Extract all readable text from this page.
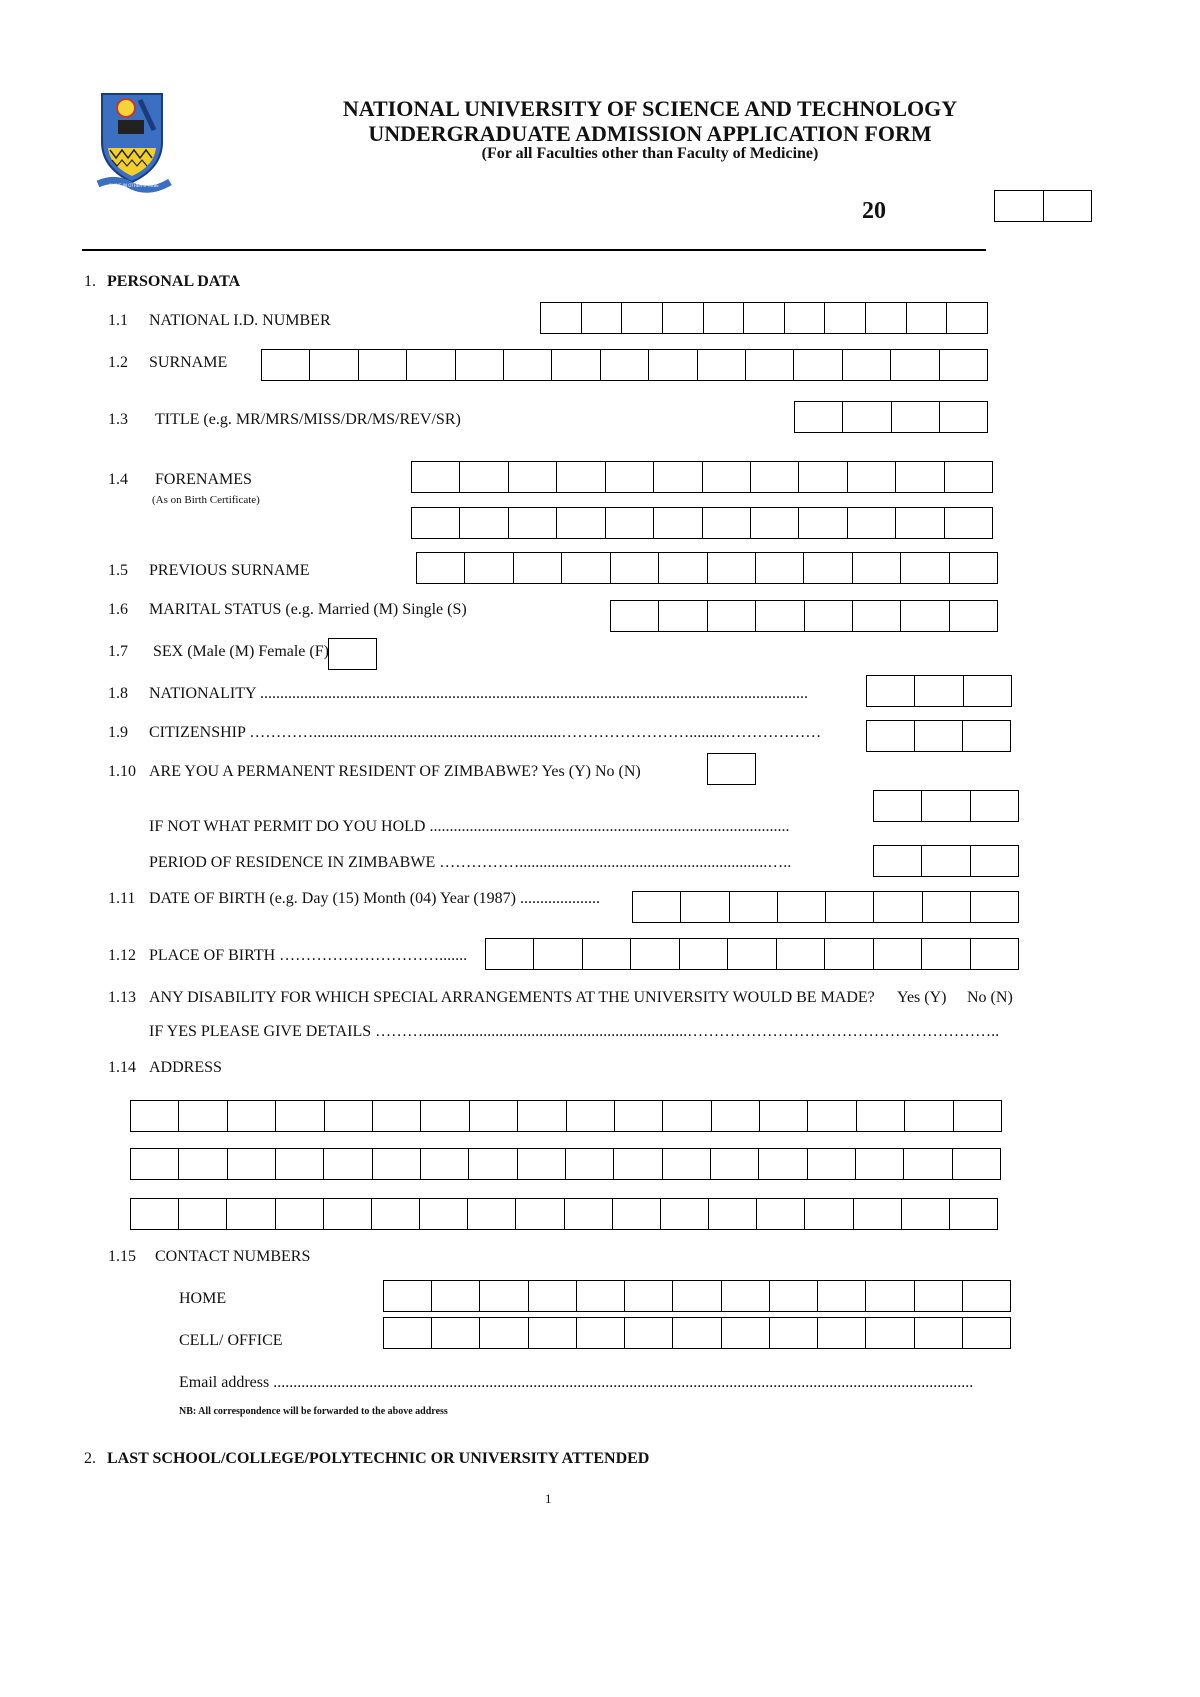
SHINE IN OTHER'S TRIBE
NATIONAL UNIVERSITY OF SCIENCE AND TECHNOLOGY
UNDERGRADUATE ADMISSION APPLICATION FORM
(For all Faculties other than Faculty of Medicine)
20
1. PERSONAL DATA
1.1 NATIONAL I.D. NUMBER
1.2 SURNAME
1.3 TITLE (e.g. MR/MRS/MISS/DR/MS/REV/SR)
1.4 FORENAMES
(As on Birth Certificate)
1.5 PREVIOUS SURNAME
1.6 MARITAL STATUS (e.g. Married (M) Single (S)
1.7 SEX (Male (M) Female (F)
1.8 NATIONALITY .........................................................................................................................................
1.9 CITIZENSHIP …………..............................................................…………………….........………………
1.10 ARE YOU A PERMANENT RESIDENT OF ZIMBABWE? Yes (Y) No (N)
IF NOT WHAT PERMIT DO YOU HOLD ..........................................................................................
PERIOD OF RESIDENCE IN ZIMBABWE ……………..............................................................…..
1.11 DATE OF BIRTH (e.g. Day (15) Month (04) Year (1987) ....................
1.12 PLACE OF BIRTH ………………………….......
1.13 ANY DISABILITY FOR WHICH SPECIAL ARRANGEMENTS AT THE UNIVERSITY WOULD BE MADE? Yes (Y) No (N)
IF YES PLEASE GIVE DETAILS ………..................................................................…………………………………………………..
1.14 ADDRESS
1.15 CONTACT NUMBERS
HOME
CELL/ OFFICE
Email address ...............................................................................................................................................................................
NB: All correspondence will be forwarded to the above address
2. LAST SCHOOL/COLLEGE/POLYTECHNIC OR UNIVERSITY ATTENDED
1
